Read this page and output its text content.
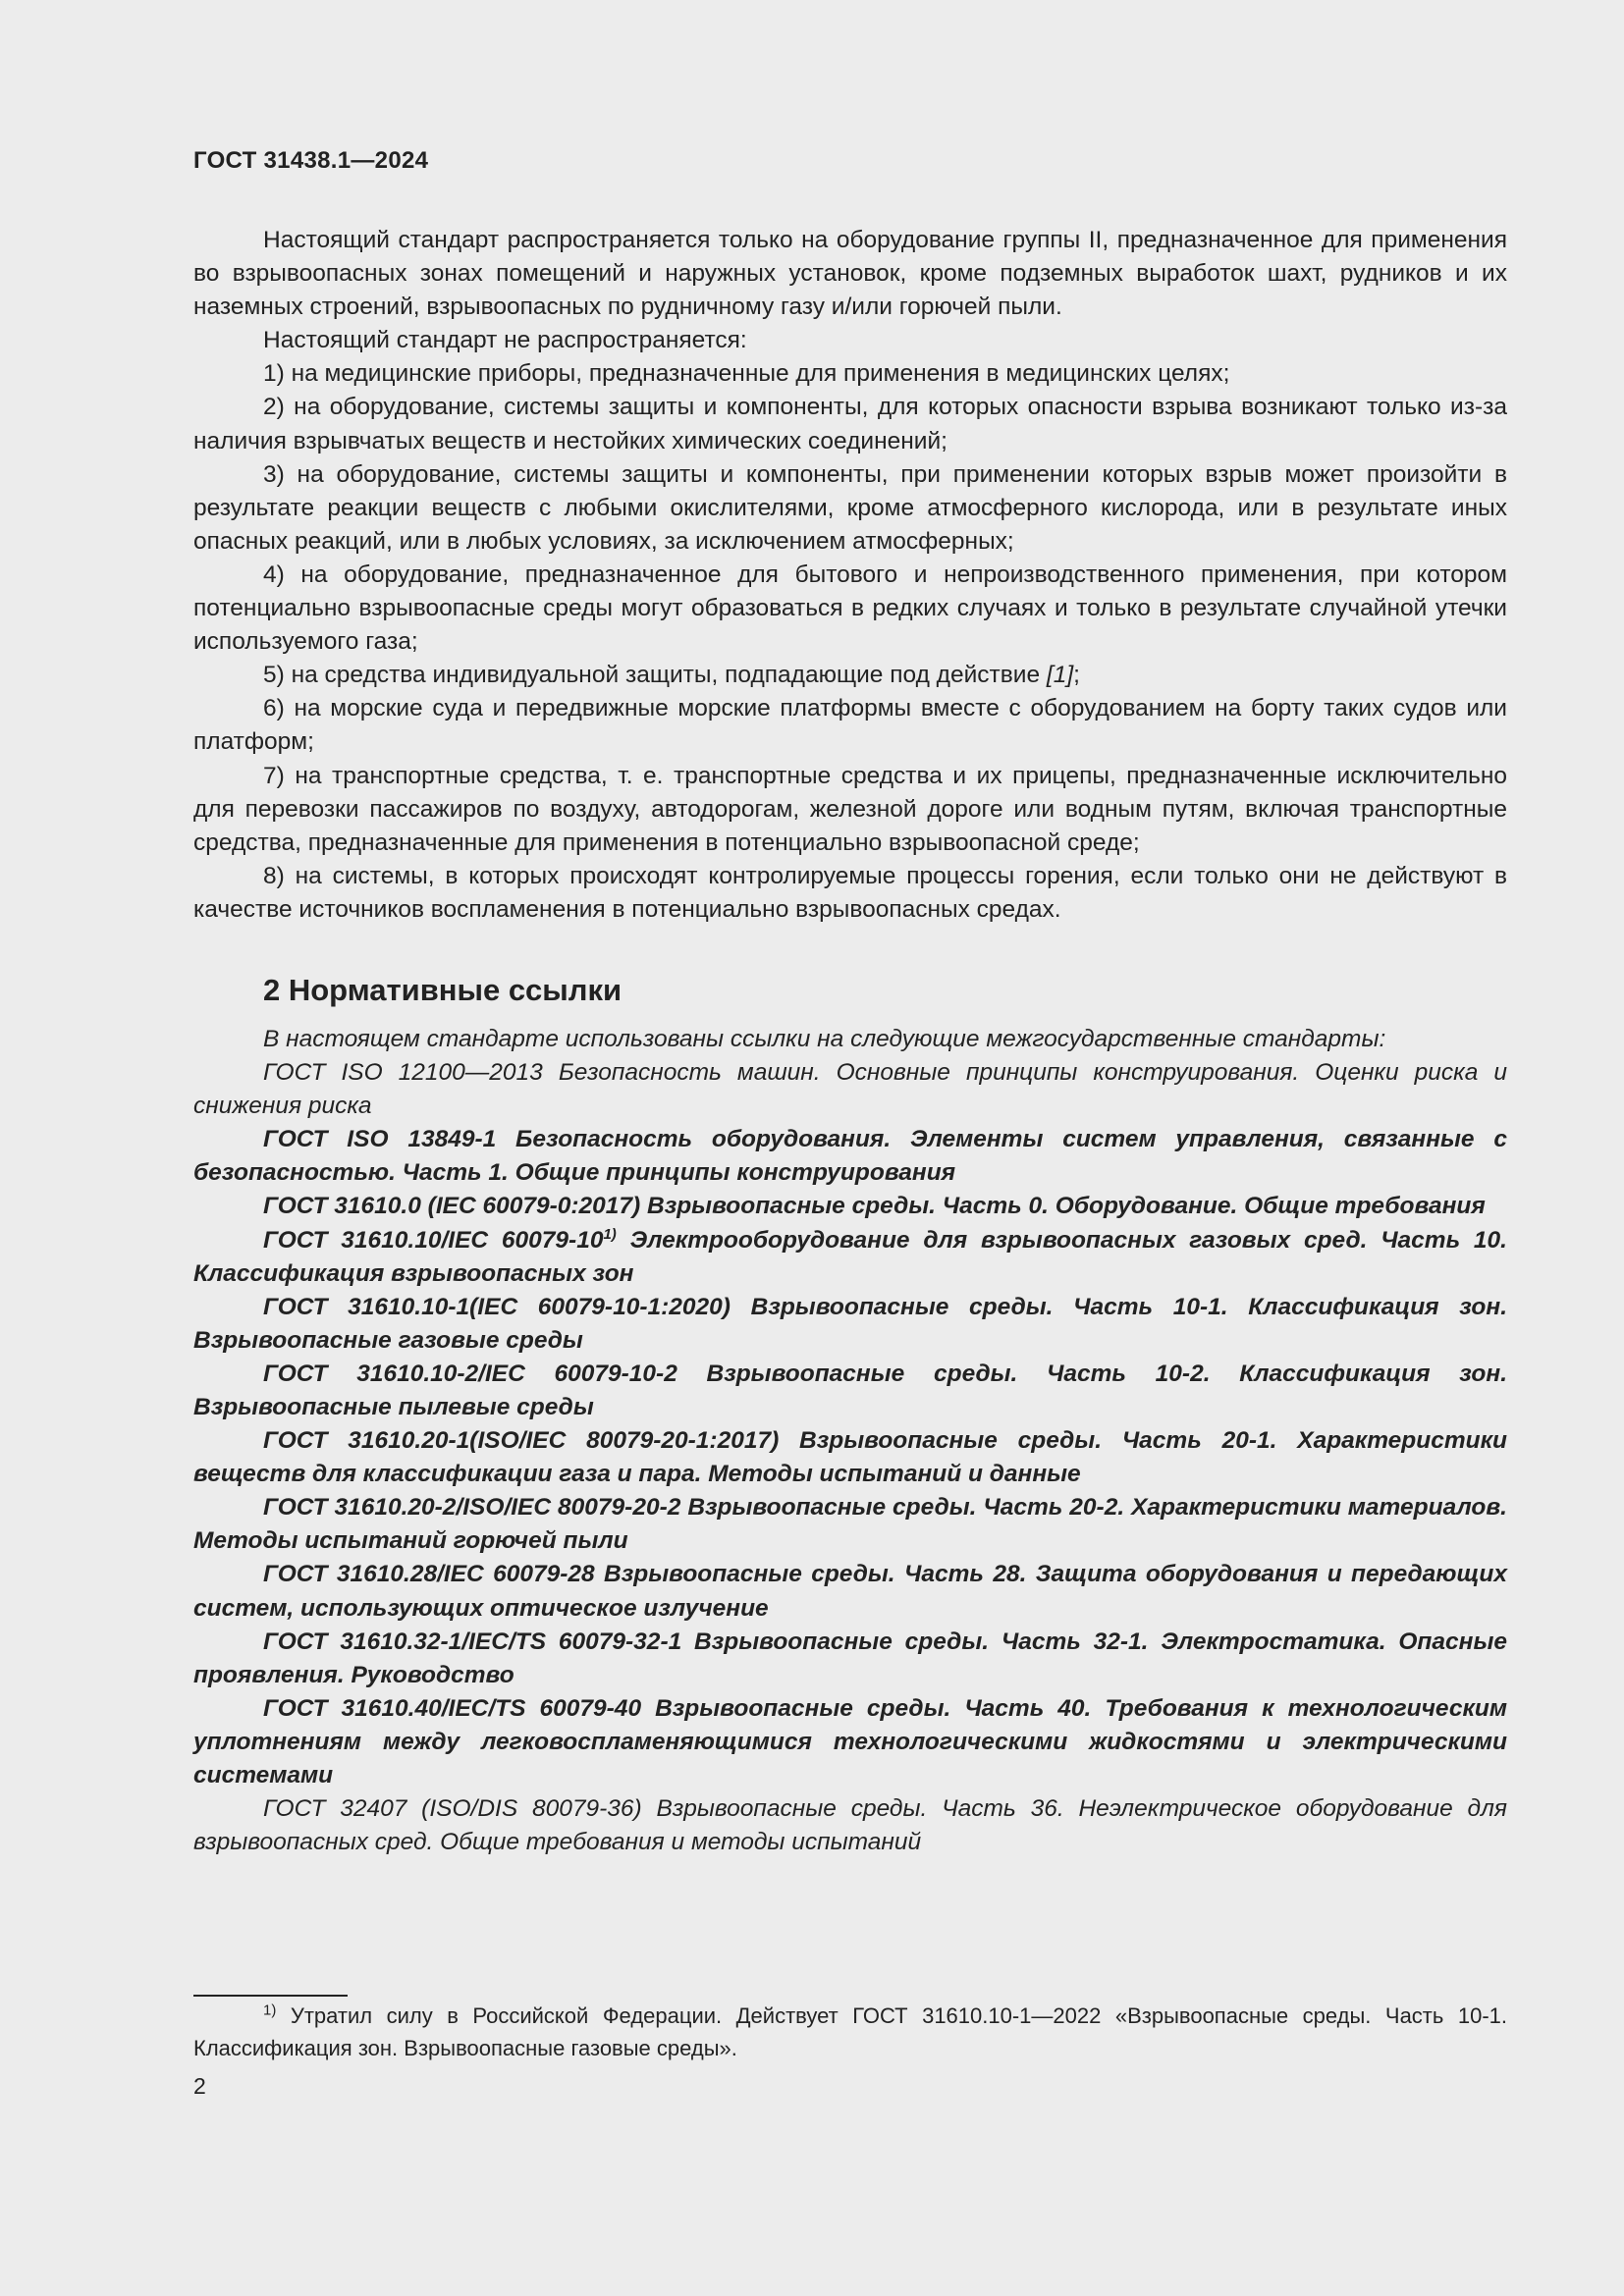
ГОСТ 31438.1—2024

Настоящий стандарт распространяется только на оборудование группы II, предназначенное для применения во взрывоопасных зонах помещений и наружных установок, кроме подземных выработок шахт, рудников и их наземных строений, взрывоопасных по рудничному газу и/или горючей пыли.

Настоящий стандарт не распространяется:

1) на медицинские приборы, предназначенные для применения в медицинских целях;

2) на оборудование, системы защиты и компоненты, для которых опасности взрыва возникают только из-за наличия взрывчатых веществ и нестойких химических соединений;

3) на оборудование, системы защиты и компоненты, при применении которых взрыв может произойти в результате реакции веществ с любыми окислителями, кроме атмосферного кислорода, или в результате иных опасных реакций, или в любых условиях, за исключением атмосферных;

4) на оборудование, предназначенное для бытового и непроизводственного применения, при котором потенциально взрывоопасные среды могут образоваться в редких случаях и только в результате случайной утечки используемого газа;

5) на средства индивидуальной защиты, подпадающие под действие [1];

6) на морские суда и передвижные морские платформы вместе с оборудованием на борту таких судов или платформ;

7) на транспортные средства, т. е. транспортные средства и их прицепы, предназначенные исключительно для перевозки пассажиров по воздуху, автодорогам, железной дороге или водным путям, включая транспортные средства, предназначенные для применения в потенциально взрывоопасной среде;

8) на системы, в которых происходят контролируемые процессы горения, если только они не действуют в качестве источников воспламенения в потенциально взрывоопасных средах.

2 Нормативные ссылки

В настоящем стандарте использованы ссылки на следующие межгосударственные стандарты:

ГОСТ ISO 12100—2013 Безопасность машин. Основные принципы конструирования. Оценки риска и снижения риска

ГОСТ ISO 13849-1 Безопасность оборудования. Элементы систем управления, связанные с безопасностью. Часть 1. Общие принципы конструирования

ГОСТ 31610.0 (IEC 60079-0:2017) Взрывоопасные среды. Часть 0. Оборудование. Общие требования

ГОСТ 31610.10/IEC 60079-10$^{1)}$ Электрооборудование для взрывоопасных газовых сред. Часть 10. Классификация взрывоопасных зон

ГОСТ 31610.10-1(IEC 60079-10-1:2020) Взрывоопасные среды. Часть 10-1. Классификация зон. Взрывоопасные газовые среды

ГОСТ 31610.10-2/IEC 60079-10-2 Взрывоопасные среды. Часть 10-2. Классификация зон. Взрывоопасные пылевые среды

ГОСТ 31610.20-1(ISO/IEC 80079-20-1:2017) Взрывоопасные среды. Часть 20-1. Характеристики веществ для классификации газа и пара. Методы испытаний и данные

ГОСТ 31610.20-2/ISO/IEC 80079-20-2 Взрывоопасные среды. Часть 20-2. Характеристики материалов. Методы испытаний горючей пыли

ГОСТ 31610.28/IEC 60079-28 Взрывоопасные среды. Часть 28. Защита оборудования и передающих систем, использующих оптическое излучение

ГОСТ 31610.32-1/IEC/TS 60079-32-1 Взрывоопасные среды. Часть 32-1. Электростатика. Опасные проявления. Руководство

ГОСТ 31610.40/IEC/TS 60079-40 Взрывоопасные среды. Часть 40. Требования к технологическим уплотнениям между легковоспламеняющимися технологическими жидкостями и электрическими системами

ГОСТ 32407 (ISO/DIS 80079-36) Взрывоопасные среды. Часть 36. Неэлектрическое оборудование для взрывоопасных сред. Общие требования и методы испытаний

$^{1)}$ Утратил силу в Российской Федерации. Действует ГОСТ 31610.10-1—2022 «Взрывоопасные среды. Часть 10-1. Классификация зон. Взрывоопасные газовые среды».

2
